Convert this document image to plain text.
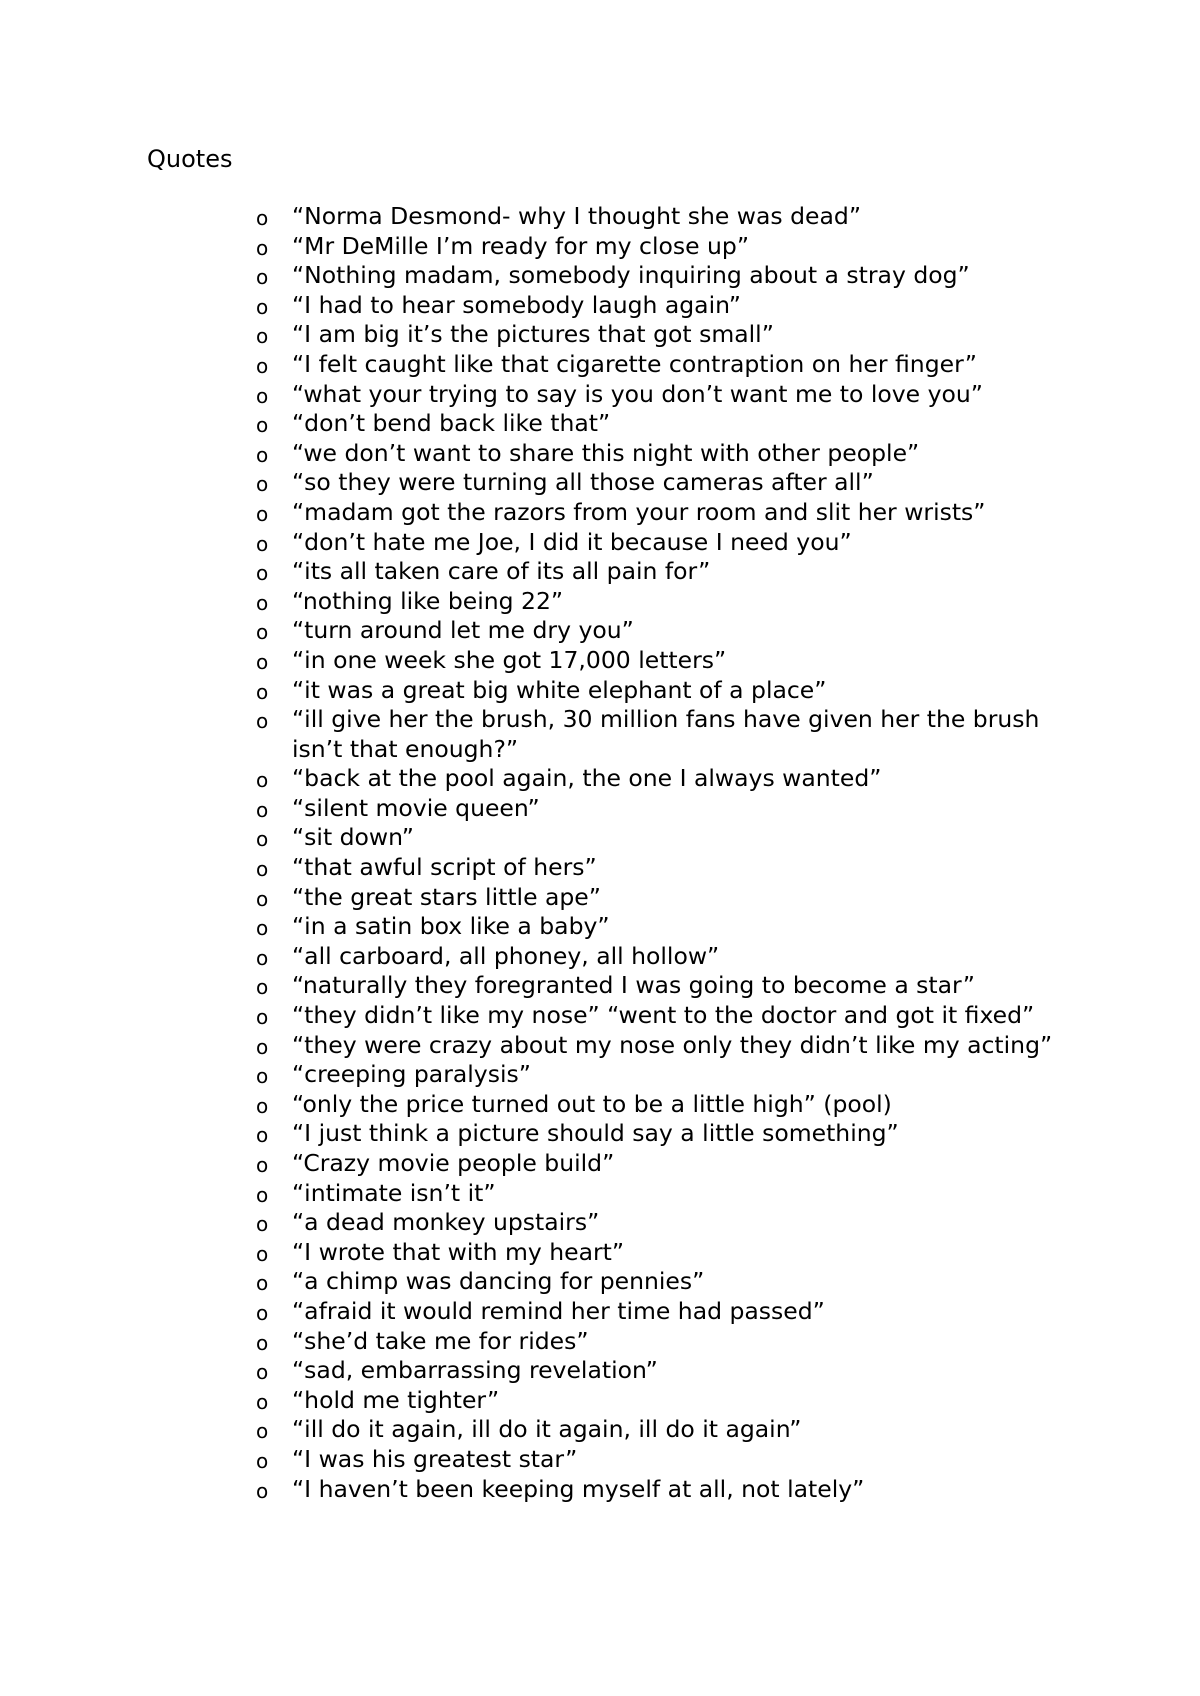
Quotes
o “Norma Desmond- why I thought she was dead”
o “Mr DeMille I’m ready for my close up”
o “Nothing madam, somebody inquiring about a stray dog”
o “I had to hear somebody laugh again”
o “I am big it’s the pictures that got small”
o “I felt caught like that cigarette contraption on her finger”
o “what your trying to say is you don’t want me to love you”
o “don’t bend back like that”
o “we don’t want to share this night with other people”
o “so they were turning all those cameras after all”
o “madam got the razors from your room and slit her wrists”
o “don’t hate me Joe, I did it because I need you”
o “its all taken care of its all pain for”
o “nothing like being 22”
o “turn around let me dry you”
o “in one week she got 17,000 letters”
o “it was a great big white elephant of a place”
o “ill give her the brush, 30 million fans have given her the brush isn’t that enough?”
o “back at the pool again, the one I always wanted”
o “silent movie queen”
o “sit down”
o “that awful script of hers”
o “the great stars little ape”
o “in a satin box like a baby”
o “all carboard, all phoney, all hollow”
o “naturally they foregranted I was going to become a star”
o “they didn’t like my nose” “went to the doctor and got it fixed”
o “they were crazy about my nose only they didn’t like my acting”
o “creeping paralysis”
o “only the price turned out to be a little high” (pool)
o “I just think a picture should say a little something”
o “Crazy movie people build”
o “intimate isn’t it”
o “a dead monkey upstairs”
o “I wrote that with my heart”
o “a chimp was dancing for pennies”
o “afraid it would remind her time had passed”
o “she’d take me for rides”
o “sad, embarrassing revelation”
o “hold me tighter”
o “ill do it again, ill do it again, ill do it again”
o “I was his greatest star”
o “I haven’t been keeping myself at all, not lately”
